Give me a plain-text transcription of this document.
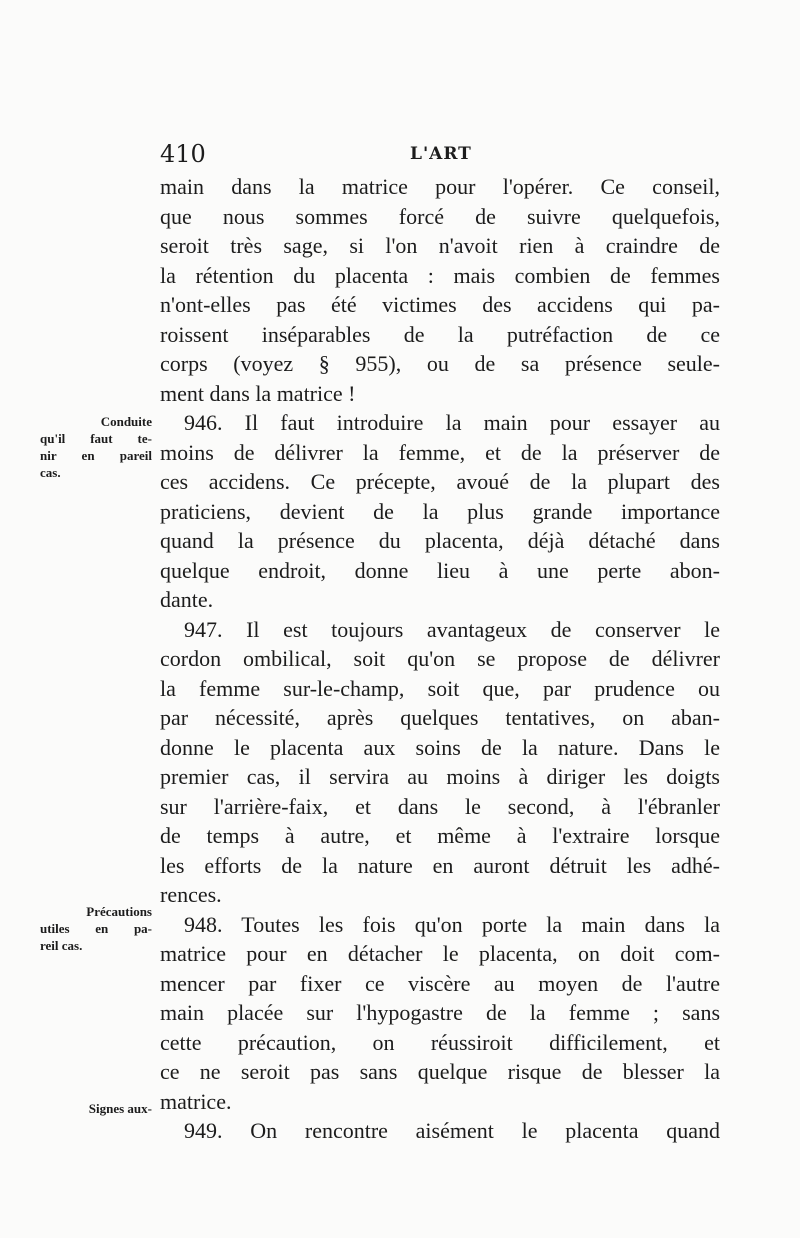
410	L'ART
main dans la matrice pour l'opérer. Ce conseil,
que nous sommes forcé de suivre quelquefois,
seroit très sage, si l'on n'avoit rien à craindre de
la rétention du placenta : mais combien de femmes
n'ont-elles pas été victimes des accidens qui pa-
roissent inséparables de la putréfaction de ce
corps (voyez § 955), ou de sa présence seule-
ment dans la matrice !
946. Il faut introduire la main pour essayer au
moins de délivrer la femme, et de la préserver de
ces accidens. Ce précepte, avoué de la plupart des
praticiens, devient de la plus grande importance
quand la présence du placenta, déjà détaché dans
quelque endroit, donne lieu à une perte abon-
dante.
947. Il est toujours avantageux de conserver le
cordon ombilical, soit qu'on se propose de délivrer
la femme sur-le-champ, soit que, par prudence ou
par nécessité, après quelques tentatives, on aban-
donne le placenta aux soins de la nature. Dans le
premier cas, il servira au moins à diriger les doigts
sur l'arrière-faix, et dans le second, à l'ébranler
de temps à autre, et même à l'extraire lorsque
les efforts de la nature en auront détruit les adhé-
rences.
948. Toutes les fois qu'on porte la main dans la
matrice pour en détacher le placenta, on doit com-
mencer par fixer ce viscère au moyen de l'autre
main placée sur l'hypogastre de la femme ; sans
cette précaution, on réussiroit difficilement, et
ce ne seroit pas sans quelque risque de blesser la
matrice.
949. On rencontre aisément le placenta quand
Conduite
qu'il faut te-
nir en pareil
cas.
Précautions
utiles en pa-
reil cas.
Signes aux-
